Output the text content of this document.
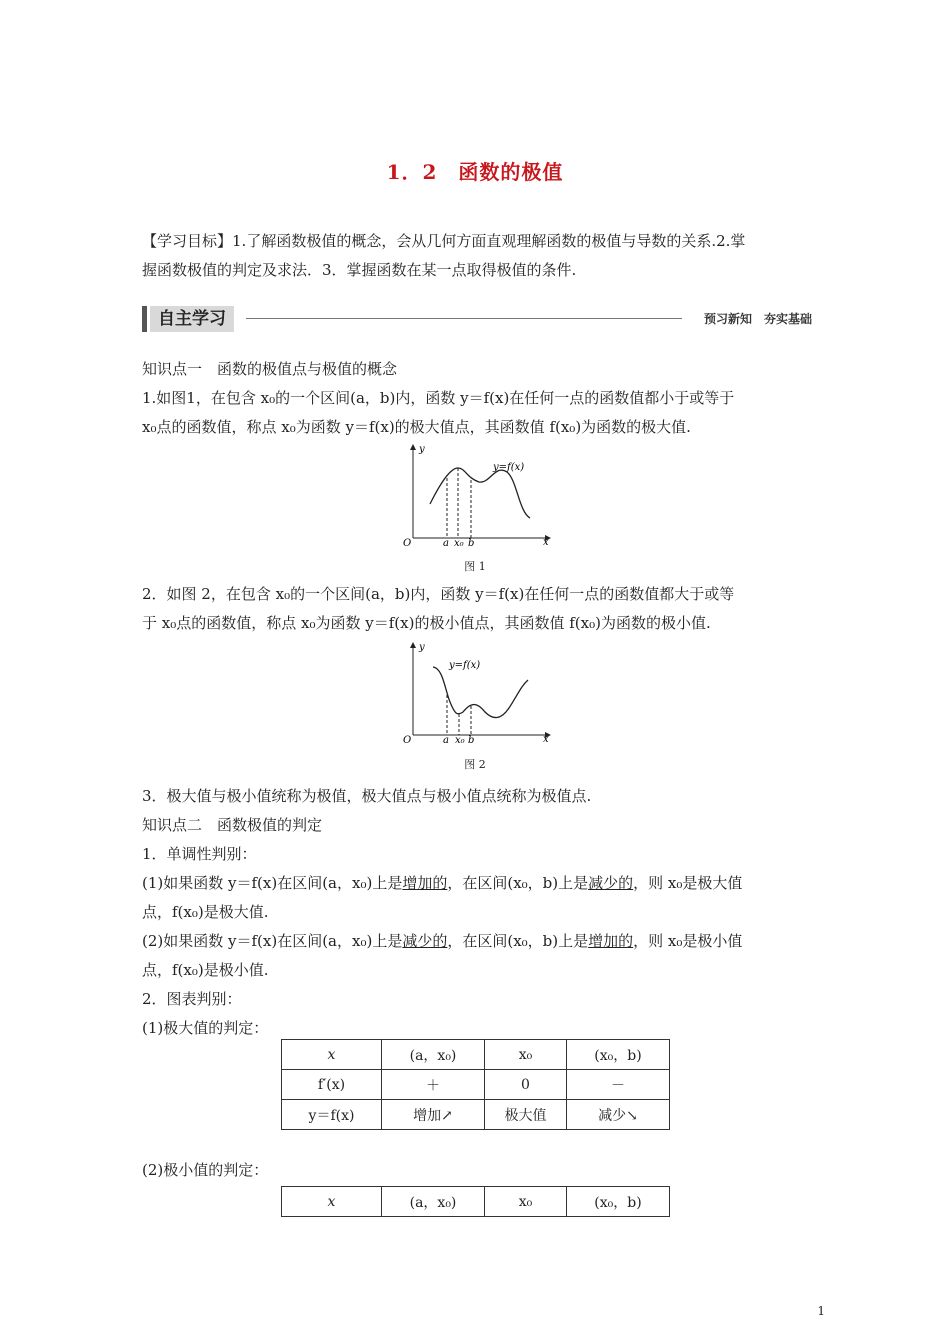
1．2　函数的极值
【学习目标】1.了解函数极值的概念，会从几何方面直观理解函数的极值与导数的关系.2.掌
握函数极值的判定及求法．3．掌握函数在某一点取得极值的条件.
自主学习	预习新知　夯实基础
知识点一　函数的极值点与极值的概念
1.如图1，在包含 x₀的一个区间(a，b)内，函数 y＝f(x)在任何一点的函数值都小于或等于
x₀点的函数值，称点 x₀为函数 y＝f(x)的极大值点，其函数值 f(x₀)为函数的极大值.
y
x
O	a x₀ b
y=f(x)
图 1
2．如图 2，在包含 x₀的一个区间(a，b)内，函数 y＝f(x)在任何一点的函数值都大于或等
于 x₀点的函数值，称点 x₀为函数 y＝f(x)的极小值点，其函数值 f(x₀)为函数的极小值.
y
x
O	a x₀ b
y=f(x)
图 2
3．极大值与极小值统称为极值，极大值点与极小值点统称为极值点.
知识点二　函数极值的判定
1．单调性判别：
(1)如果函数 y＝f(x)在区间(a，x₀)上是增加的，在区间(x₀，b)上是减少的，则 x₀是极大值
点，f(x₀)是极大值.
(2)如果函数 y＝f(x)在区间(a，x₀)上是减少的，在区间(x₀，b)上是增加的，则 x₀是极小值
点，f(x₀)是极小值.
2．图表判别：
(1)极大值的判定：
x	(a，x₀)	x₀	(x₀，b)
f′(x)	＋	0	－
y＝f(x)	增加↗	极大值	减少↘
(2)极小值的判定：
x	(a，x₀)	x₀	(x₀，b)
1
